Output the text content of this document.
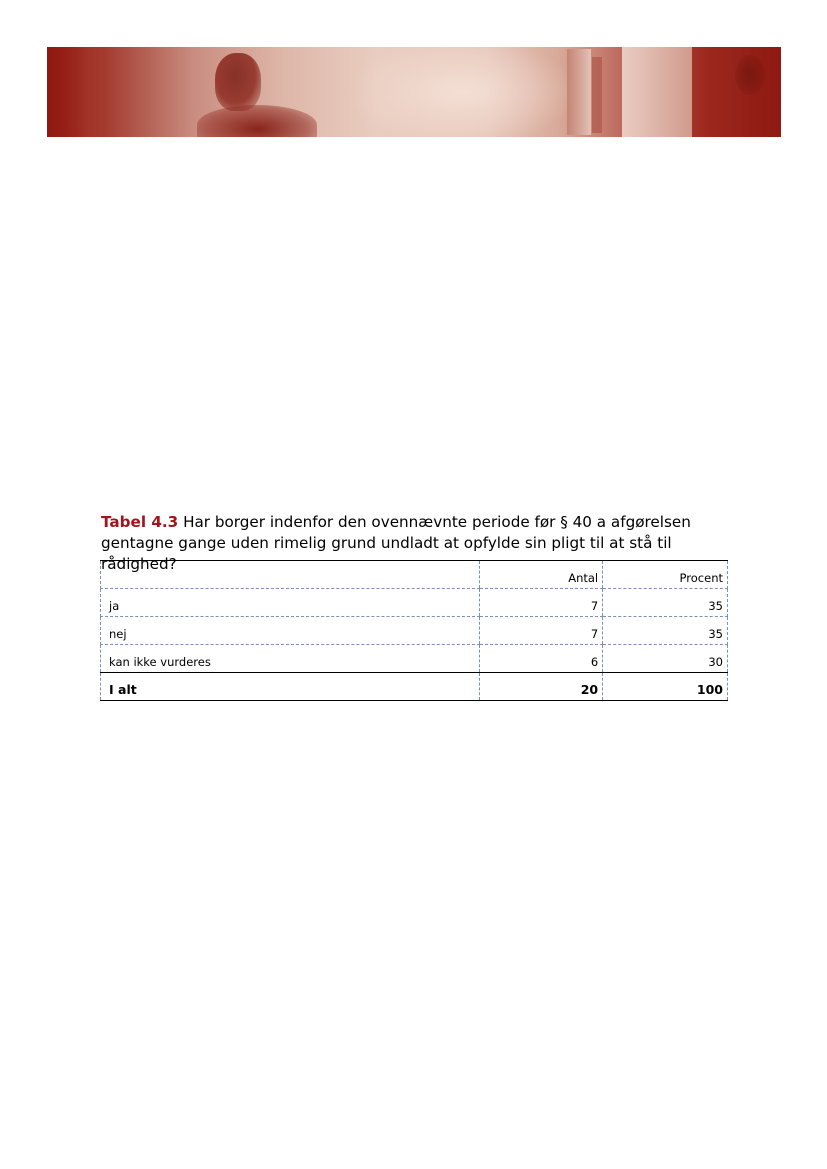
Tabel 4.3 Har borger indenfor den ovennævnte periode før § 40 a afgørelsen gentagne gange uden rimelig grund undladt at opfylde sin pligt til at stå til rådighed?
	Antal	Procent
ja	7	35
nej	7	35
kan ikke vurderes	6	30
I alt	20	100
